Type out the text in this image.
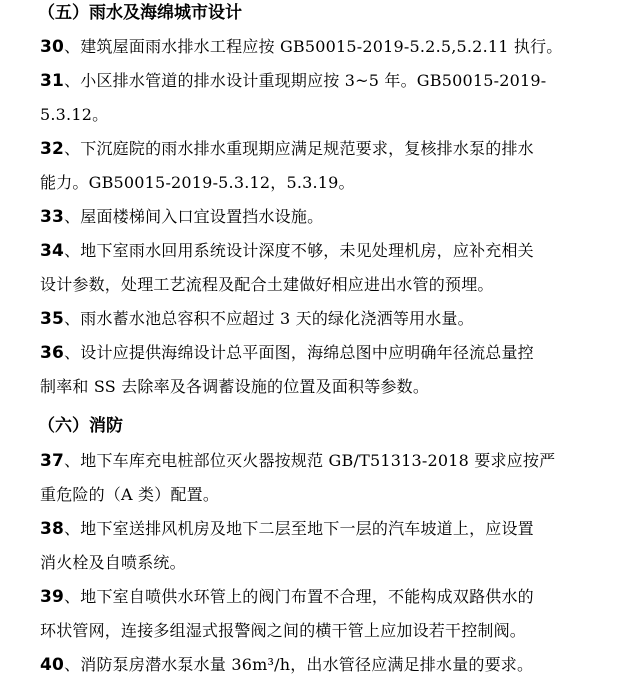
（五）雨水及海绵城市设计
30、建筑屋面雨水排水工程应按 GB50015-2019-5.2.5,5.2.11 执行。
31、小区排水管道的排水设计重现期应按 3~5 年。GB50015-2019-
5.3.12。
32、下沉庭院的雨水排水重现期应满足规范要求，复核排水泵的排水
能力。GB50015-2019-5.3.12，5.3.19。
33、屋面楼梯间入口宜设置挡水设施。
34、地下室雨水回用系统设计深度不够，未见处理机房，应补充相关
设计参数，处理工艺流程及配合土建做好相应进出水管的预埋。
35、雨水蓄水池总容积不应超过 3 天的绿化浇洒等用水量。
36、设计应提供海绵设计总平面图，海绵总图中应明确年径流总量控
制率和 SS 去除率及各调蓄设施的位置及面积等参数。
（六）消防
37、地下车库充电桩部位灭火器按规范 GB/T51313-2018 要求应按严
重危险的（A 类）配置。
38、地下室送排风机房及地下二层至地下一层的汽车坡道上，应设置
消火栓及自喷系统。
39、地下室自喷供水环管上的阀门布置不合理，不能构成双路供水的
环状管网，连接多组湿式报警阀之间的横干管上应加设若干控制阀。
40、消防泵房潜水泵水量 36m³/h，出水管径应满足排水量的要求。
